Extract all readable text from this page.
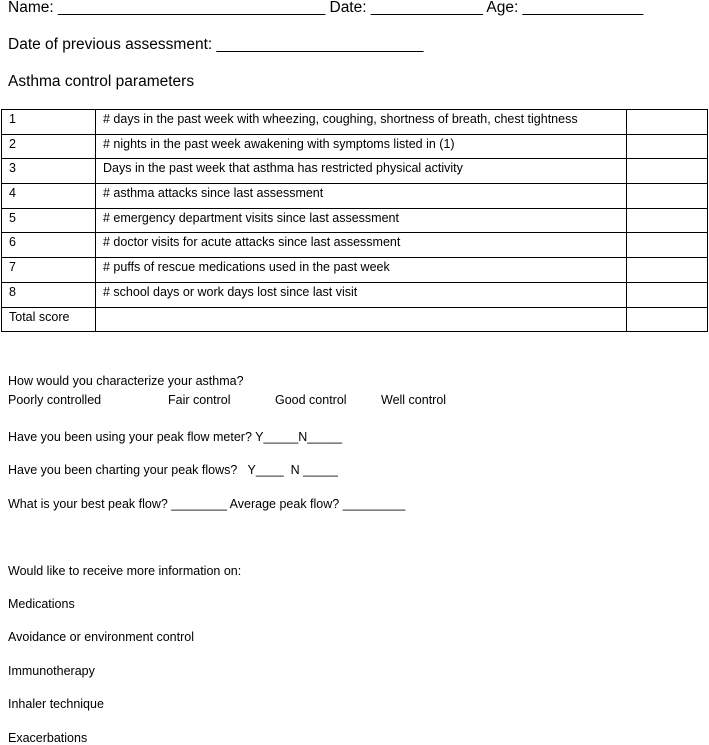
Name: _______________________________ Date: _____________ Age: ______________
Date of previous assessment: ________________________
Asthma control parameters
1	# days in the past week with wheezing, coughing, shortness of breath, chest tightness	
2	# nights in the past week awakening with symptoms listed in (1)	
3	Days in the past week that asthma has restricted physical activity	
4	# asthma attacks since last assessment	
5	# emergency department visits since last assessment	
6	# doctor visits for acute attacks since last assessment	
7	# puffs of rescue medications used in the past week	
8	# school days or work days lost since last visit	
Total score		
How would you characterize your asthma?
Poorly controlled	Fair control	Good control	Well control
Have you been using your peak flow meter? Y_____N_____
Have you been charting your peak flows?   Y____  N _____
What is your best peak flow? ________ Average peak flow? _________
Would like to receive more information on:
Medications
Avoidance or environment control
Immunotherapy
Inhaler technique
Exacerbations
